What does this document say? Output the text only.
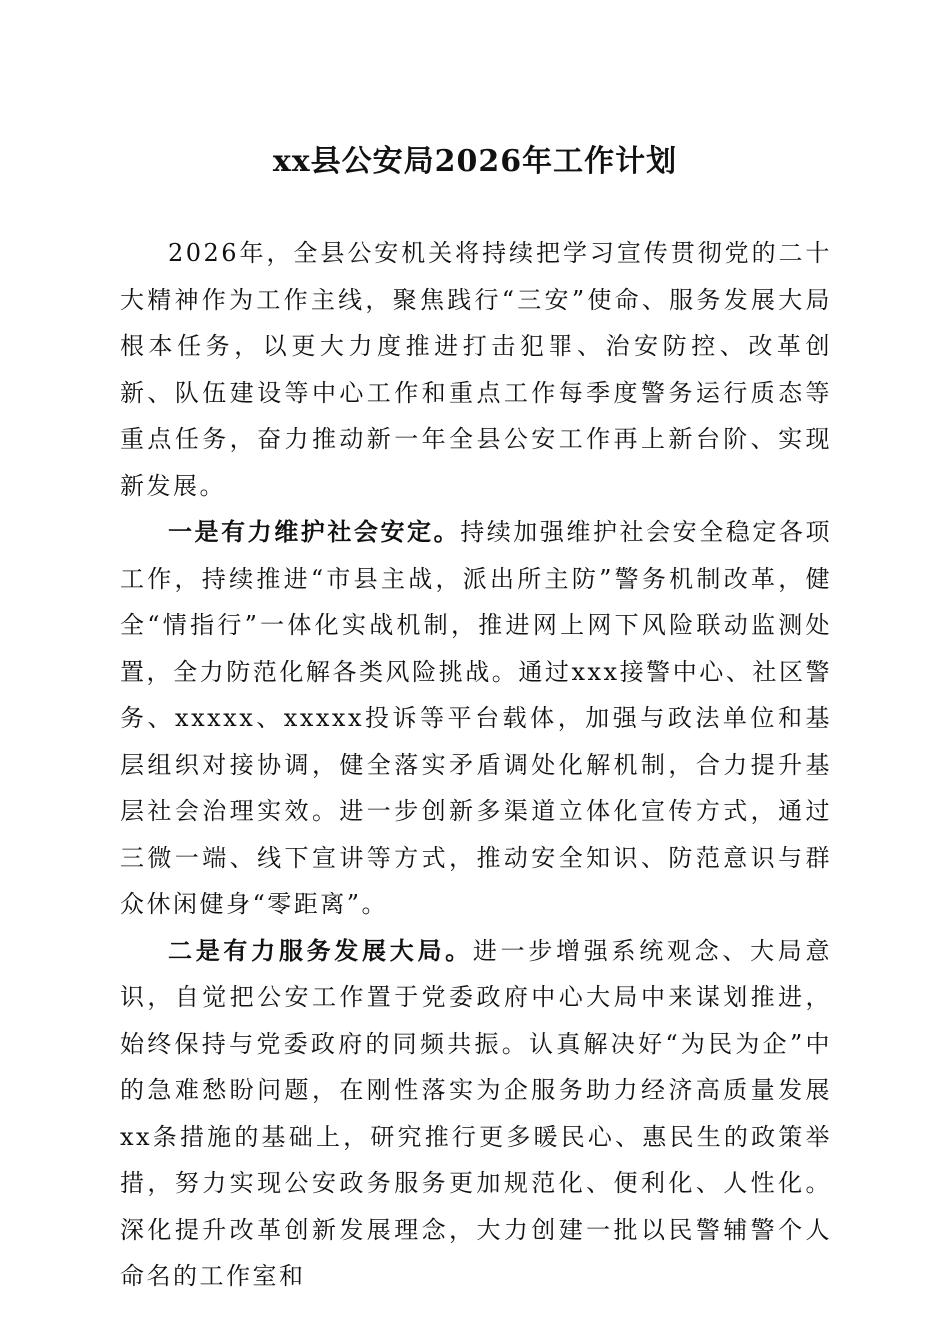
xx县公安局2026年工作计划

2026年，全县公安机关将持续把学习宣传贯彻党的二十大精神作为工作主线，聚焦践行“三安”使命、服务发展大局根本任务，以更大力度推进打击犯罪、治安防控、改革创新、队伍建设等中心工作和重点工作每季度警务运行质态等重点任务，奋力推动新一年全县公安工作再上新台阶、实现新发展。

一是有力维护社会安定。持续加强维护社会安全稳定各项工作，持续推进“市县主战，派出所主防”警务机制改革，健全“情指行”一体化实战机制，推进网上网下风险联动监测处置，全力防范化解各类风险挑战。通过xxx接警中心、社区警务、xxxxx、xxxxx投诉等平台载体，加强与政法单位和基层组织对接协调，健全落实矛盾调处化解机制，合力提升基层社会治理实效。进一步创新多渠道立体化宣传方式，通过三微一端、线下宣讲等方式，推动安全知识、防范意识与群众休闲健身“零距离”。

二是有力服务发展大局。进一步增强系统观念、大局意识，自觉把公安工作置于党委政府中心大局中来谋划推进，始终保持与党委政府的同频共振。认真解决好“为民为企”中的急难愁盼问题，在刚性落实为企服务助力经济高质量发展xx条措施的基础上，研究推行更多暖民心、惠民生的政策举措，努力实现公安政务服务更加规范化、便利化、人性化。深化提升改革创新发展理念，大力创建一批以民警辅警个人命名的工作室和
